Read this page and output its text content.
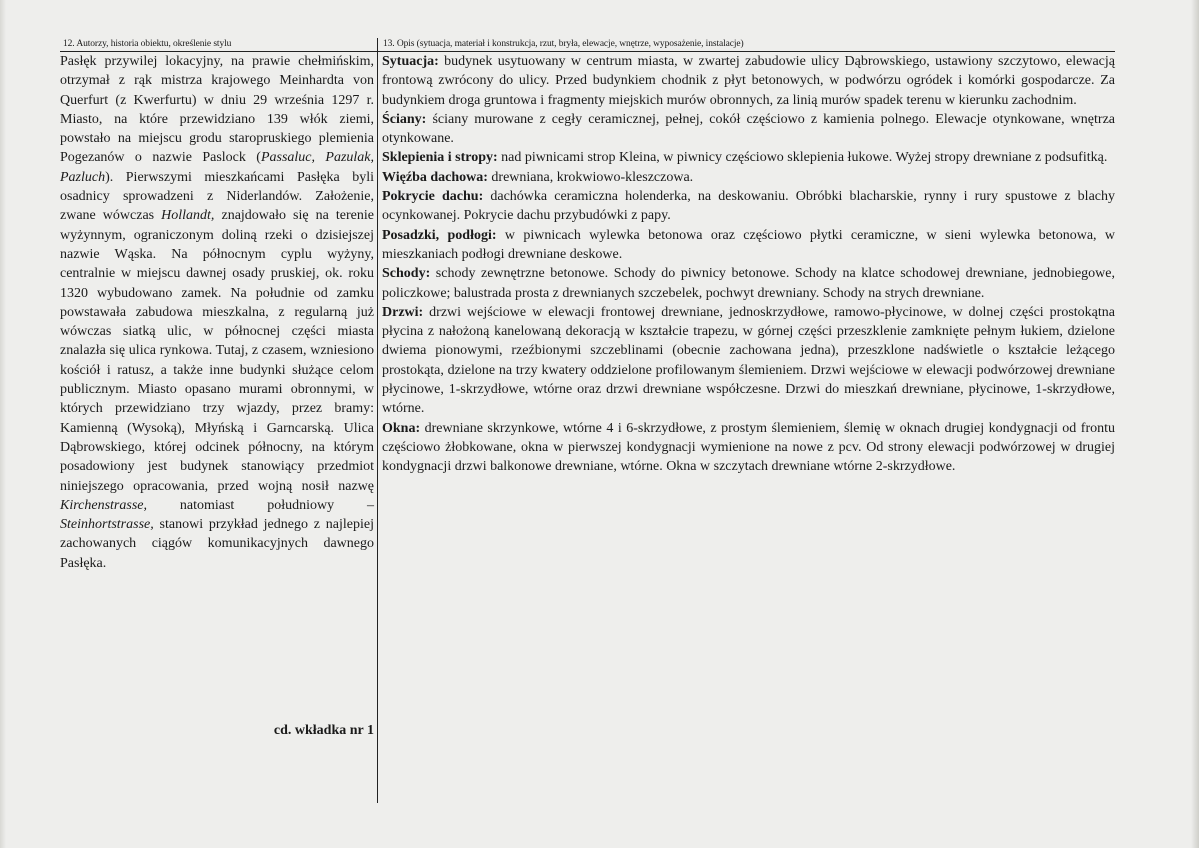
12. Autorzy, historia obiektu, określenie stylu	13. Opis (sytuacja, materiał i konstrukcja, rzut, bryła, elewacje, wnętrze, wyposażenie, instalacje)

Pasłęk przywilej lokacyjny, na prawie chełmińskim, otrzymał z rąk mistrza krajowego Meinhardta von Querfurt (z Kwerfurtu) w dniu 29 września 1297 r. Miasto, na które przewidziano 139 włók ziemi, powstało na miejscu grodu staropruskiego plemienia Pogezanów o nazwie Paslock (Passaluc, Pazulak, Pazluch). Pierwszymi mieszkańcami Pasłęka byli osadnicy sprowadzeni z Niderlandów. Założenie, zwane wówczas Hollandt, znajdowało się na terenie wyżynnym, ograniczonym doliną rzeki o dzisiejszej nazwie Wąska. Na północnym cyplu wyżyny, centralnie w miejscu dawnej osady pruskiej, ok. roku 1320 wybudowano zamek. Na południe od zamku powstawała zabudowa mieszkalna, z regularną już wówczas siatką ulic, w północnej części miasta znalazła się ulica rynkowa. Tutaj, z czasem, wzniesiono kościół i ratusz, a także inne budynki służące celom publicznym. Miasto opasano murami obronnymi, w których przewidziano trzy wjazdy, przez bramy: Kamienną (Wysoką), Młyńską i Garncarską. Ulica Dąbrowskiego, której odcinek północny, na którym posadowiony jest budynek stanowiący przedmiot niniejszego opracowania, przed wojną nosił nazwę Kirchenstrasse, natomiast południowy – Steinhortstrasse, stanowi przykład jednego z najlepiej zachowanych ciągów komunikacyjnych dawnego Pasłęka.

cd. wkładka nr 1

Sytuacja: budynek usytuowany w centrum miasta, w zwartej zabudowie ulicy Dąbrowskiego, ustawiony szczytowo, elewacją frontową zwrócony do ulicy. Przed budynkiem chodnik z płyt betonowych, w podwórzu ogródek i komórki gospodarcze. Za budynkiem droga gruntowa i fragmenty miejskich murów obronnych, za linią murów spadek terenu w kierunku zachodnim.

Ściany: ściany murowane z cegły ceramicznej, pełnej, cokół częściowo z kamienia polnego. Elewacje otynkowane, wnętrza otynkowane.

Sklepienia i stropy: nad piwnicami strop Kleina, w piwnicy częściowo sklepienia łukowe. Wyżej stropy drewniane z podsufitką.

Więźba dachowa: drewniana, krokwiowo-kleszczowa.

Pokrycie dachu: dachówka ceramiczna holenderka, na deskowaniu. Obróbki blacharskie, rynny i rury spustowe z blachy ocynkowanej. Pokrycie dachu przybudówki z papy.

Posadzki, podłogi: w piwnicach wylewka betonowa oraz częściowo płytki ceramiczne, w sieni wylewka betonowa, w mieszkaniach podłogi drewniane deskowe.

Schody: schody zewnętrzne betonowe. Schody do piwnicy betonowe. Schody na klatce schodowej drewniane, jednobiegowe, policzkowe; balustrada prosta z drewnianych szczebelek, pochwyt drewniany. Schody na strych drewniane.

Drzwi: drzwi wejściowe w elewacji frontowej drewniane, jednoskrzydłowe, ramowo-płycinowe, w dolnej części prostokątna płycina z nałożoną kanelowaną dekoracją w kształcie trapezu, w górnej części przeszklenie zamknięte pełnym łukiem, dzielone dwiema pionowymi, rzeźbionymi szczeblinami (obecnie zachowana jedna), przeszklone nadświetle o kształcie leżącego prostokąta, dzielone na trzy kwatery oddzielone profilowanym ślemieniem. Drzwi wejściowe w elewacji podwórzowej drewniane płycinowe, 1-skrzydłowe, wtórne oraz drzwi drewniane współczesne. Drzwi do mieszkań drewniane, płycinowe, 1-skrzydłowe, wtórne.

Okna: drewniane skrzynkowe, wtórne 4 i 6-skrzydłowe, z prostym ślemieniem, ślemię w oknach drugiej kondygnacji od frontu częściowo żłobkowane, okna w pierwszej kondygnacji wymienione na nowe z pcv. Od strony elewacji podwórzowej w drugiej kondygnacji drzwi balkonowe drewniane, wtórne. Okna w szczytach drewniane wtórne 2-skrzydłowe.
